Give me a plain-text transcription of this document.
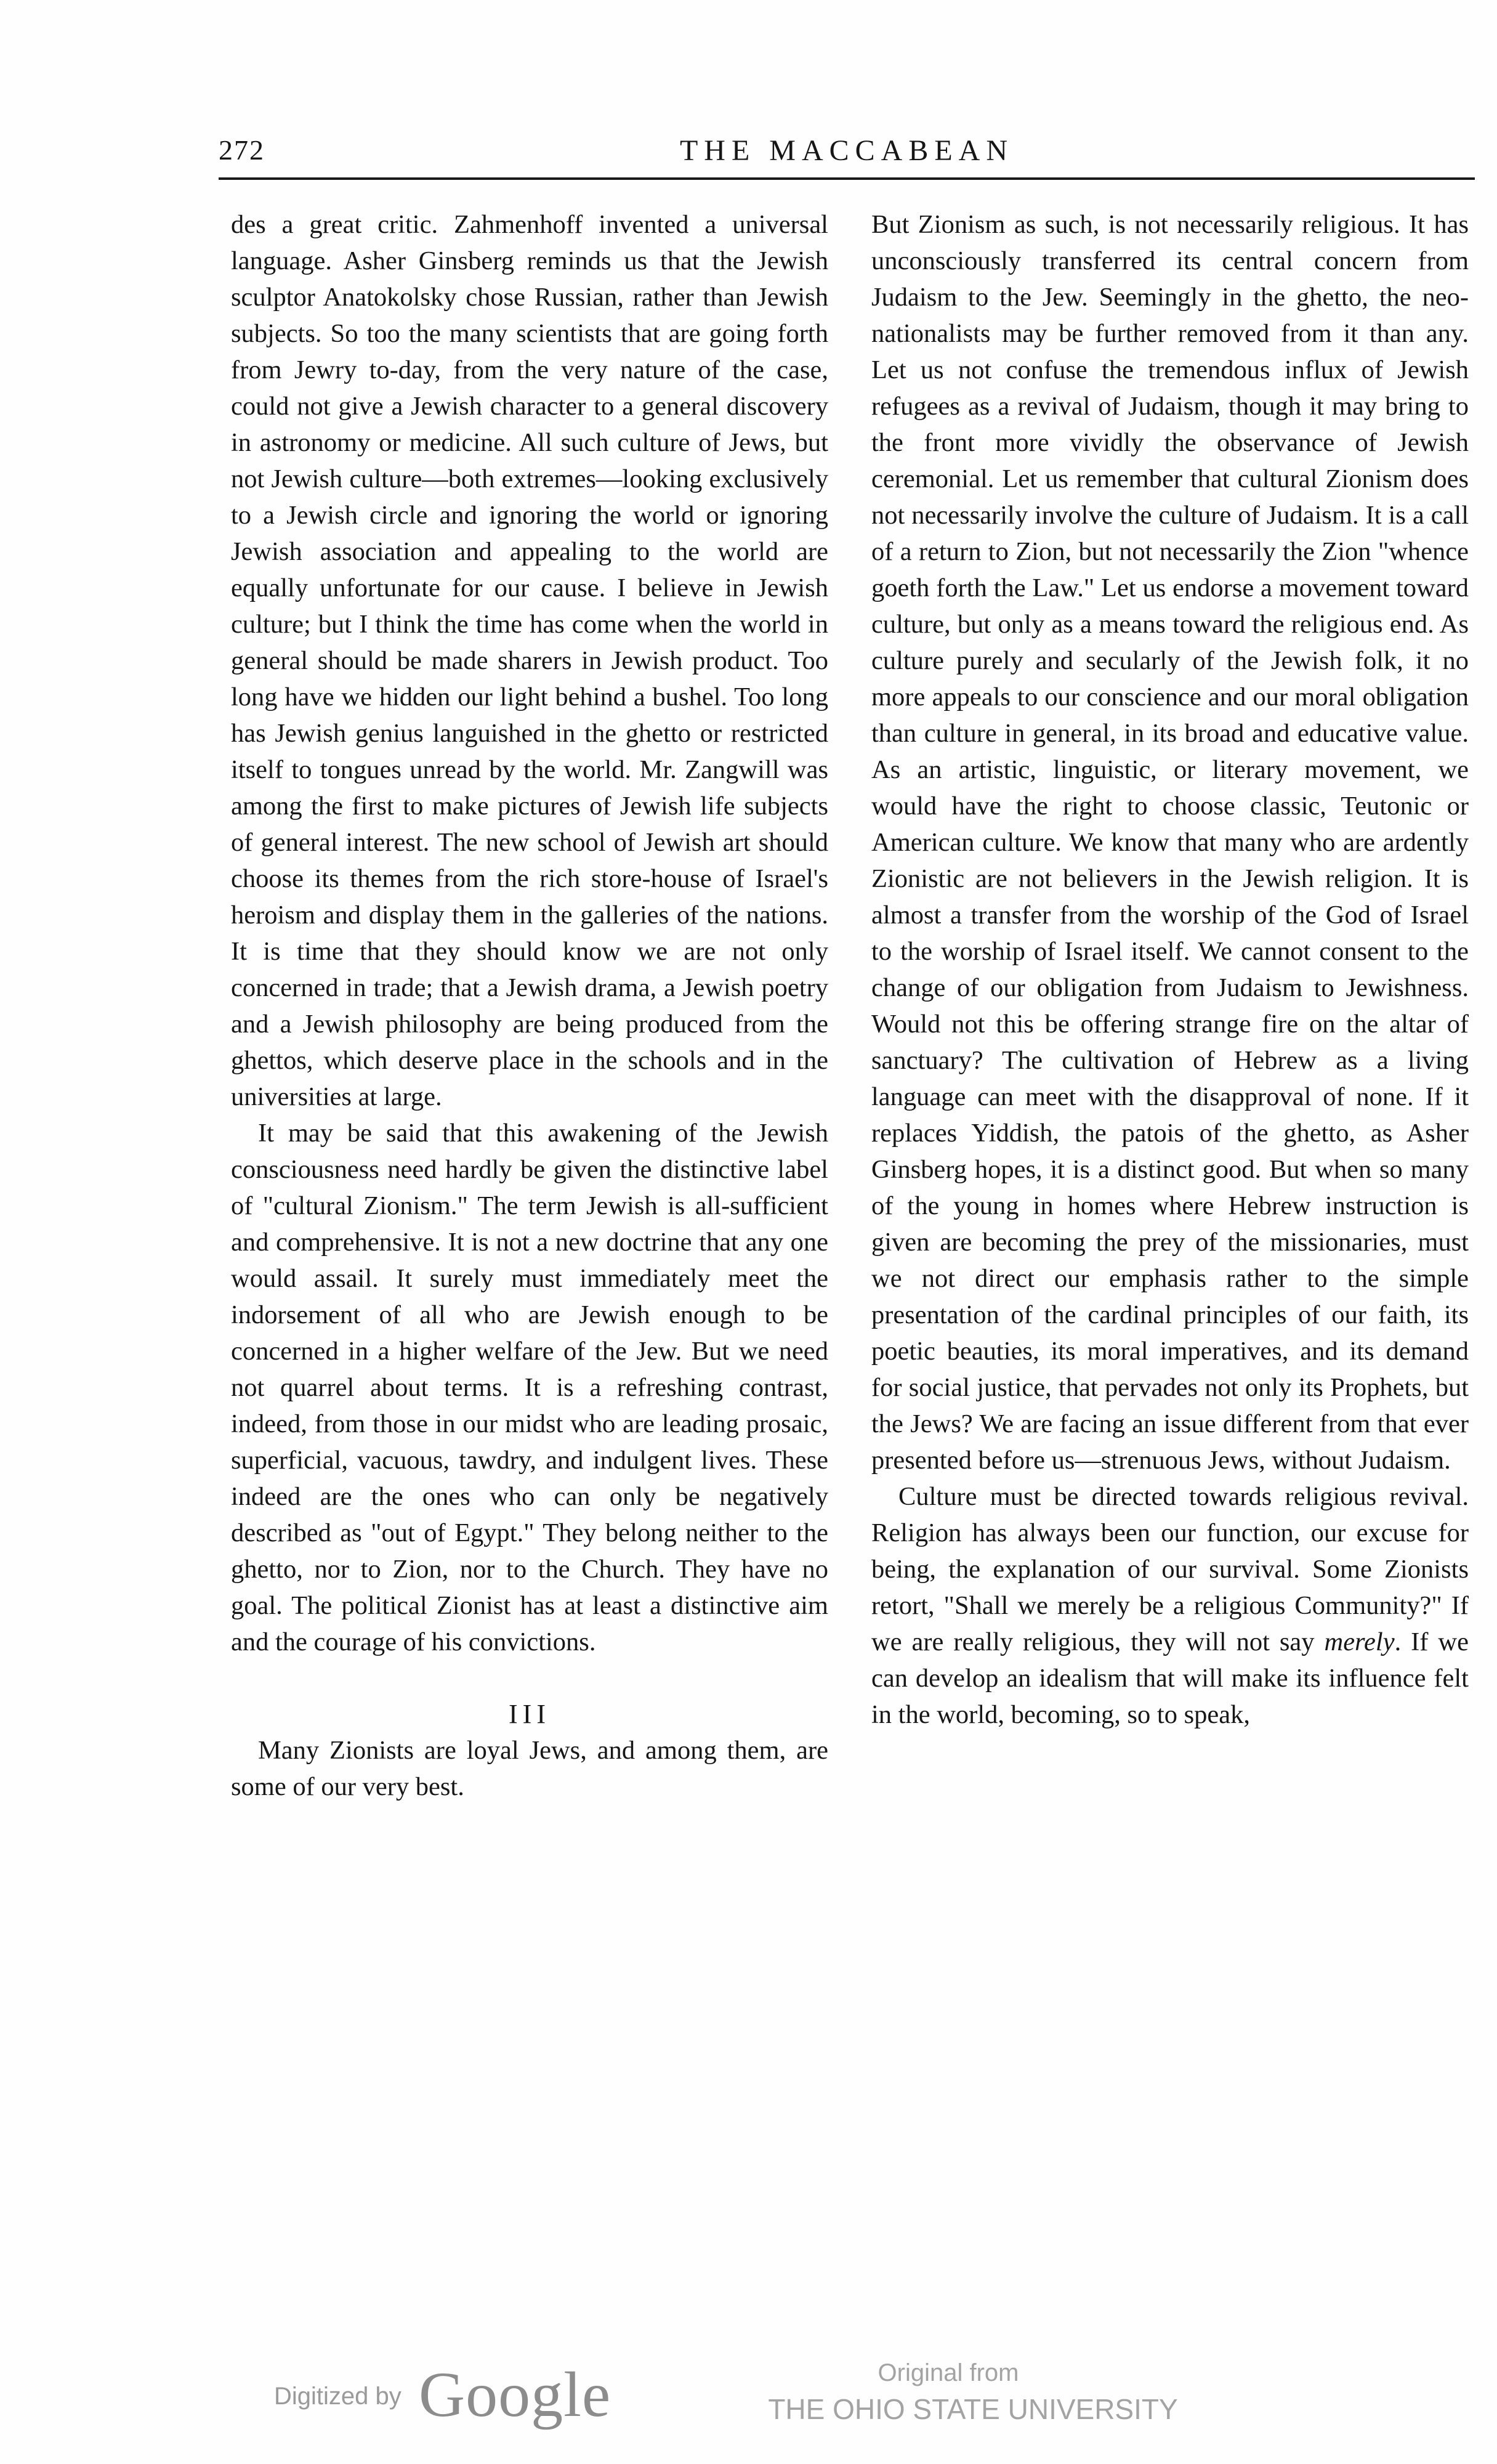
272	THE MACCABEAN

des a great critic. Zahmenhoff invented a universal language. Asher Ginsberg reminds us that the Jewish sculptor Anatokolsky chose Russian, rather than Jewish subjects. So too the many scientists that are going forth from Jewry to-day, from the very nature of the case, could not give a Jewish character to a general discovery in astronomy or medicine. All such culture of Jews, but not Jewish culture—both extremes—looking exclusively to a Jewish circle and ignoring the world or ignoring Jewish association and appealing to the world are equally unfortunate for our cause. I believe in Jewish culture; but I think the time has come when the world in general should be made sharers in Jewish product. Too long have we hidden our light behind a bushel. Too long has Jewish genius languished in the ghetto or restricted itself to tongues unread by the world. Mr. Zangwill was among the first to make pictures of Jewish life subjects of general interest. The new school of Jewish art should choose its themes from the rich store-house of Israel's heroism and display them in the galleries of the nations. It is time that they should know we are not only concerned in trade; that a Jewish drama, a Jewish poetry and a Jewish philosophy are being produced from the ghettos, which deserve place in the schools and in the universities at large.

It may be said that this awakening of the Jewish consciousness need hardly be given the distinctive label of "cultural Zionism." The term Jewish is all-sufficient and comprehensive. It is not a new doctrine that any one would assail. It surely must immediately meet the indorsement of all who are Jewish enough to be concerned in a higher welfare of the Jew. But we need not quarrel about terms. It is a refreshing contrast, indeed, from those in our midst who are leading prosaic, superficial, vacuous, tawdry, and indulgent lives. These indeed are the ones who can only be negatively described as "out of Egypt." They belong neither to the ghetto, nor to Zion, nor to the Church. They have no goal. The political Zionist has at least a distinctive aim and the courage of his convictions.

III

Many Zionists are loyal Jews, and among them, are some of our very best.

But Zionism as such, is not necessarily religious. It has unconsciously transferred its central concern from Judaism to the Jew. Seemingly in the ghetto, the neo-nationalists may be further removed from it than any. Let us not confuse the tremendous influx of Jewish refugees as a revival of Judaism, though it may bring to the front more vividly the observance of Jewish ceremonial. Let us remember that cultural Zionism does not necessarily involve the culture of Judaism. It is a call of a return to Zion, but not necessarily the Zion "whence goeth forth the Law." Let us endorse a movement toward culture, but only as a means toward the religious end. As culture purely and secularly of the Jewish folk, it no more appeals to our conscience and our moral obligation than culture in general, in its broad and educative value. As an artistic, linguistic, or literary movement, we would have the right to choose classic, Teutonic or American culture. We know that many who are ardently Zionistic are not believers in the Jewish religion. It is almost a transfer from the worship of the God of Israel to the worship of Israel itself. We cannot consent to the change of our obligation from Judaism to Jewishness. Would not this be offering strange fire on the altar of sanctuary? The cultivation of Hebrew as a living language can meet with the disapproval of none. If it replaces Yiddish, the patois of the ghetto, as Asher Ginsberg hopes, it is a distinct good. But when so many of the young in homes where Hebrew instruction is given are becoming the prey of the missionaries, must we not direct our emphasis rather to the simple presentation of the cardinal principles of our faith, its poetic beauties, its moral imperatives, and its demand for social justice, that pervades not only its Prophets, but the Jews? We are facing an issue different from that ever presented before us—strenuous Jews, without Judaism.

Culture must be directed towards religious revival. Religion has always been our function, our excuse for being, the explanation of our survival. Some Zionists retort, "Shall we merely be a religious Community?" If we are really religious, they will not say merely. If we can develop an idealism that will make its influence felt in the world, becoming, so to speak,

Digitized by Google	Original from
THE OHIO STATE UNIVERSITY
